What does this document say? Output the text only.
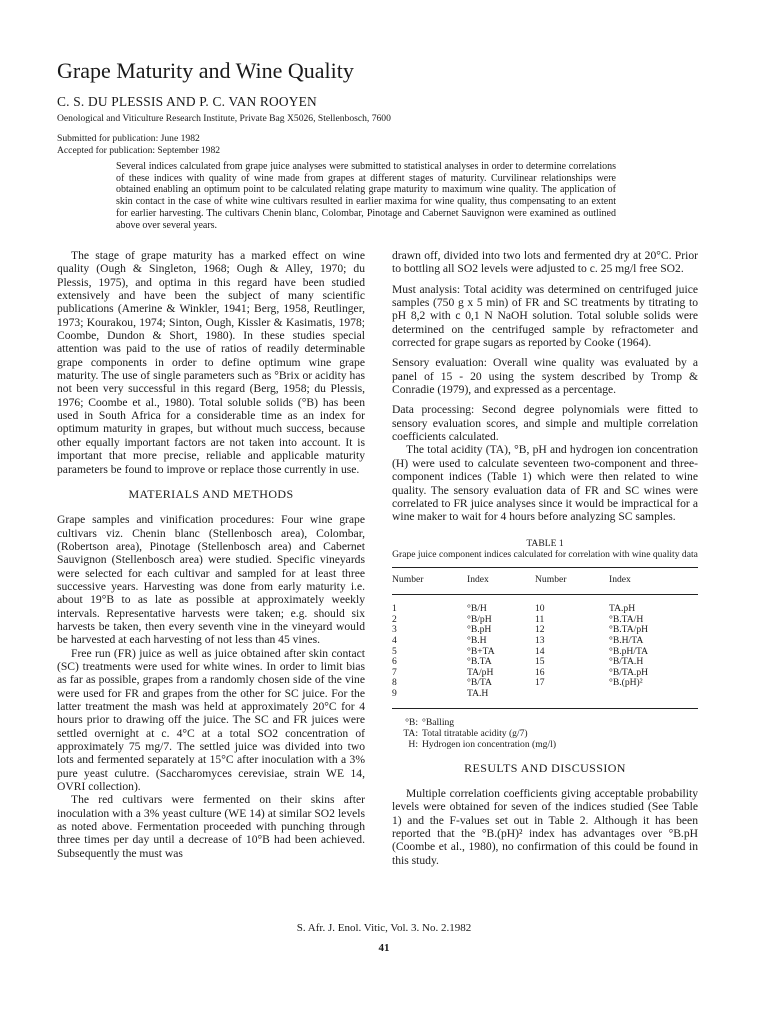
Grape Maturity and Wine Quality
C. S. DU PLESSIS AND P. C. VAN ROOYEN
Oenological and Viticulture Research Institute, Private Bag X5026, Stellenbosch, 7600
Submitted for publication: June 1982
Accepted for publication: September 1982
Several indices calculated from grape juice analyses were submitted to statistical analyses in order to determine correlations of these indices with quality of wine made from grapes at different stages of maturity. Curvilinear relationships were obtained enabling an optimum point to be calculated relating grape maturity to maximum wine quality. The application of skin contact in the case of white wine cultivars resulted in earlier maxima for wine quality, thus compensating to an extent for earlier harvesting. The cultivars Chenin blanc, Colombar, Pinotage and Cabernet Sauvignon were examined as outlined above over several years.

The stage of grape maturity has a marked effect on wine quality (Ough & Singleton, 1968; Ough & Alley, 1970; du Plessis, 1975), and optima in this regard have been studied extensively and have been the subject of many scientific publications (Amerine & Winkler, 1941; Berg, 1958, Reutlinger, 1973; Kourakou, 1974; Sinton, Ough, Kissler & Kasimatis, 1978; Coombe, Dundon & Short, 1980). In these studies special attention was paid to the use of ratios of readily determinable grape components in order to define optimum wine grape maturity. The use of single parameters such as °Brix or acidity has not been very successful in this regard (Berg, 1958; du Plessis, 1976; Coombe et al., 1980). Total soluble solids (°B) has been used in South Africa for a considerable time as an index for optimum maturity in grapes, but without much success, because other equally important factors are not taken into account. It is important that more precise, reliable and applicable maturity parameters be found to improve or replace those currently in use.

MATERIALS AND METHODS

Grape samples and vinification procedures: Four wine grape cultivars viz. Chenin blanc (Stellenbosch area), Colombar, (Robertson area), Pinotage (Stellenbosch area) and Cabernet Sauvignon (Stellenbosch area) were studied. Specific vineyards were selected for each cultivar and sampled for at least three successive years. Harvesting was done from early maturity i.e. about 19°B to as late as possible at approximately weekly intervals. Representative harvests were taken; e.g. should six harvests be taken, then every seventh vine in the vineyard would be harvested at each harvesting of not less than 45 vines.

Free run (FR) juice as well as juice obtained after skin contact (SC) treatments were used for white wines. In order to limit bias as far as possible, grapes from a randomly chosen side of the vine were used for FR and grapes from the other for SC juice. For the latter treatment the mash was held at approximately 20°C for 4 hours prior to drawing off the juice. The SC and FR juices were settled overnight at c. 4°C at a total SO2 concentration of approximately 75 mg/7. The settled juice was divided into two lots and fermented separately at 15°C after inoculation with a 3% pure yeast culutre. (Saccharomyces cerevisiae, strain WE 14, OVRI collection).

The red cultivars were fermented on their skins after inoculation with a 3% yeast culture (WE 14) at similar SO2 levels as noted above. Fermentation proceeded with punching through three times per day until a decrease of 10°B had been achieved. Subsequently the must was

drawn off, divided into two lots and fermented dry at 20°C. Prior to bottling all SO2 levels were adjusted to c. 25 mg/l free SO2.

Must analysis: Total acidity was determined on centrifuged juice samples (750 g x 5 min) of FR and SC treatments by titrating to pH 8,2 with c 0,1 N NaOH solution. Total soluble solids were determined on the centrifuged sample by refractometer and corrected for grape sugars as reported by Cooke (1964).

Sensory evaluation: Overall wine quality was evaluated by a panel of 15 - 20 using the system described by Tromp & Conradie (1979), and expressed as a percentage.

Data processing: Second degree polynomials were fitted to sensory evaluation scores, and simple and multiple correlation coefficients calculated.

The total acidity (TA), °B, pH and hydrogen ion concentration (H) were used to calculate seventeen two-component and three-component indices (Table 1) which were then related to wine quality. The sensory evaluation data of FR and SC wines were correlated to FR juice analyses since it would be impractical for a wine maker to wait for 4 hours before analyzing SC samples.

TABLE 1
Grape juice component indices calculated for correlation with wine quality data
Number	Index	Number	Index
1	°B/H	10	TA.pH
2	°B/pH	11	°B.TA/H
3	°B.pH	12	°B.TA/pH
4	°B.H	13	°B.H/TA
5	°B+TA	14	°B.pH/TA
6	°B.TA	15	°B/TA.H
7	TA/pH	16	°B/TA.pH
8	°B/TA	17	°B.(pH)²
9	TA.H		
°B: °Balling
TA: Total titratable acidity (g/7)
H: Hydrogen ion concentration (mg/l)
RESULTS AND DISCUSSION

Multiple correlation coefficients giving acceptable probability levels were obtained for seven of the indices studied (See Table 1) and the F-values set out in Table 2. Although it has been reported that the °B.(pH)² index has advantages over °B.pH (Coombe et al., 1980), no confirmation of this could be found in this study.

S. Afr. J. Enol. Vitic, Vol. 3. No. 2.1982
41
